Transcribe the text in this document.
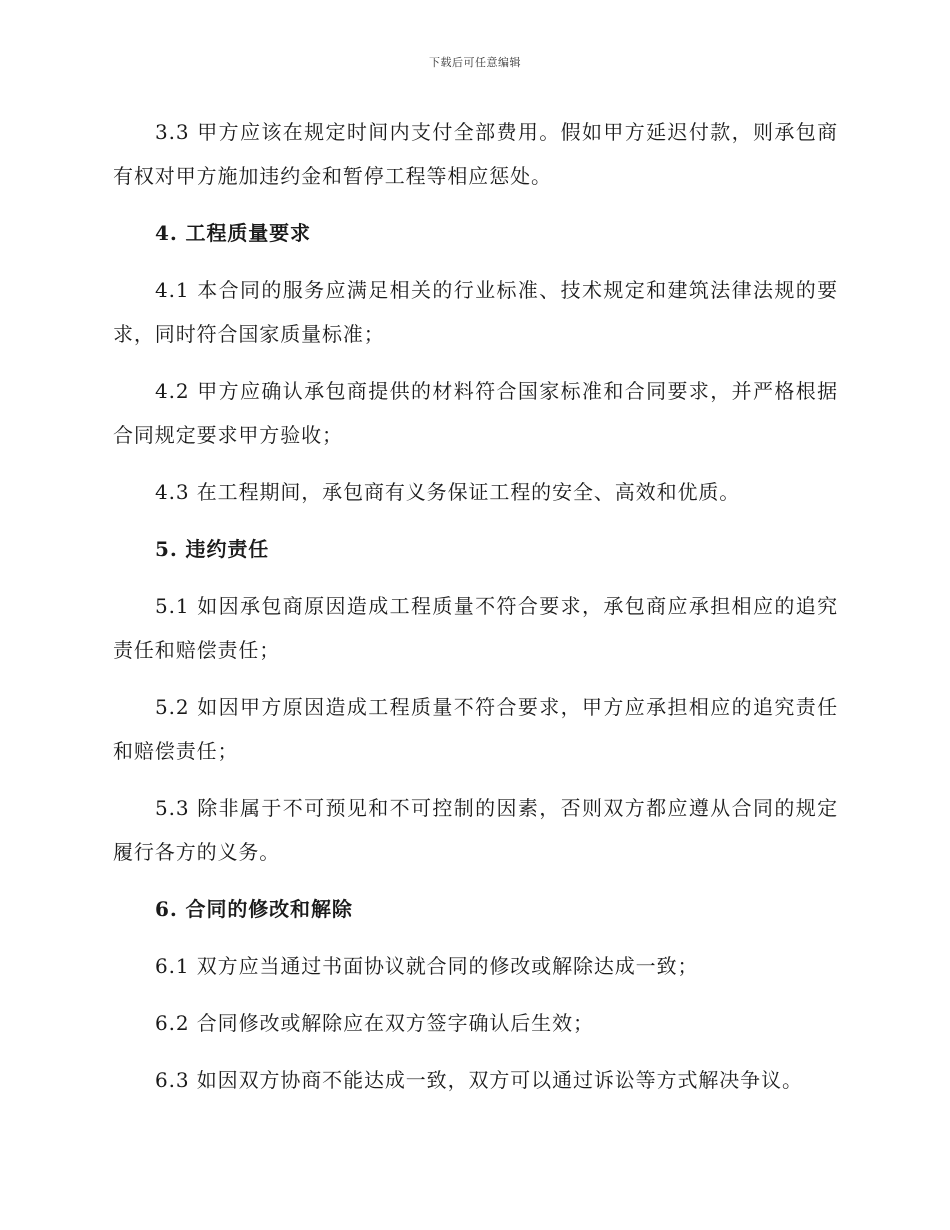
下载后可任意编辑

3.3 甲方应该在规定时间内支付全部费用。假如甲方延迟付款，则承包商有权对甲方施加违约金和暂停工程等相应惩处。

4. 工程质量要求

4.1 本合同的服务应满足相关的行业标准、技术规定和建筑法律法规的要求，同时符合国家质量标准；

4.2 甲方应确认承包商提供的材料符合国家标准和合同要求，并严格根据合同规定要求甲方验收；

4.3 在工程期间，承包商有义务保证工程的安全、高效和优质。

5. 违约责任

5.1 如因承包商原因造成工程质量不符合要求，承包商应承担相应的追究责任和赔偿责任；

5.2 如因甲方原因造成工程质量不符合要求，甲方应承担相应的追究责任和赔偿责任；

5.3 除非属于不可预见和不可控制的因素，否则双方都应遵从合同的规定履行各方的义务。

6. 合同的修改和解除

6.1 双方应当通过书面协议就合同的修改或解除达成一致；

6.2 合同修改或解除应在双方签字确认后生效；

6.3 如因双方协商不能达成一致，双方可以通过诉讼等方式解决争议。
